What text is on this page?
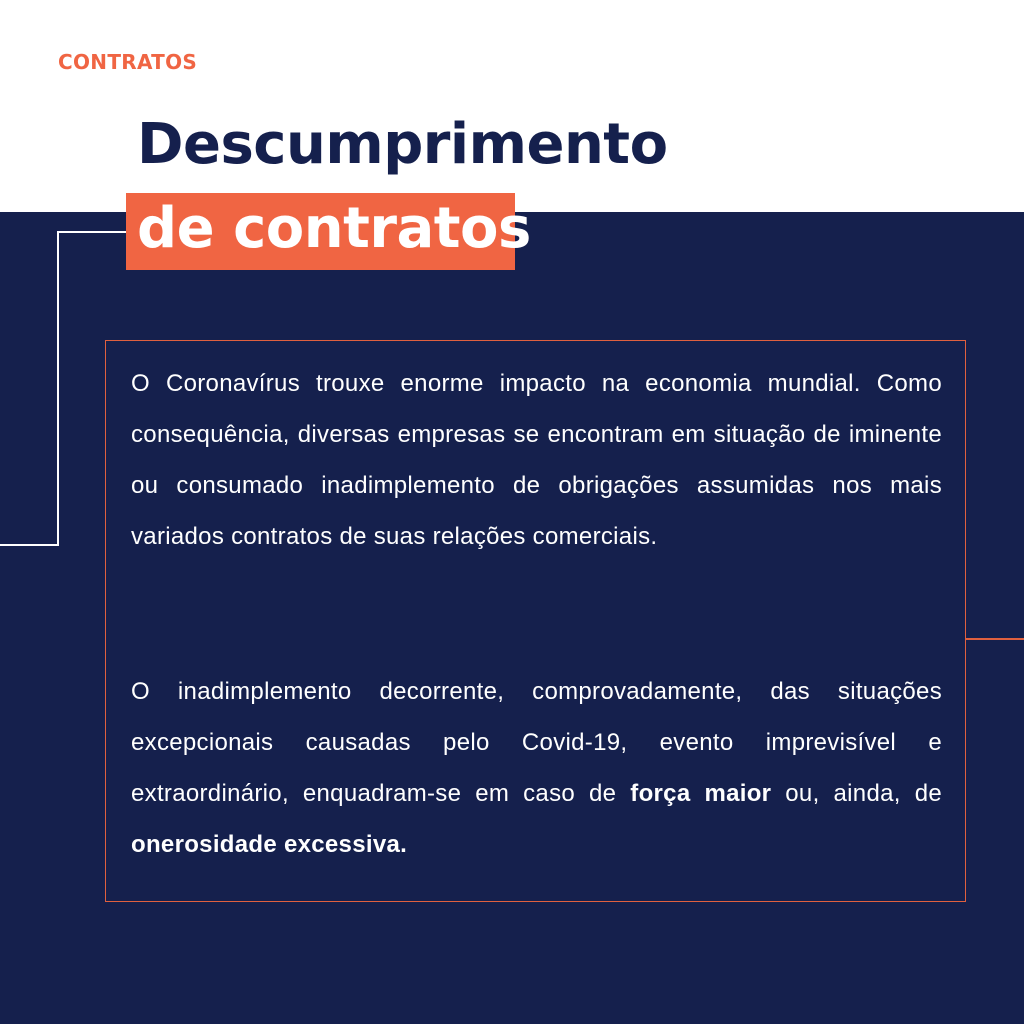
CONTRATOS
Descumprimento
de contratos

O Coronavírus trouxe enorme impacto na economia mundial. Como consequência, diversas empresas se encontram em situação de iminente ou consumado inadimplemento de obrigações assumidas nos mais variados contratos de suas relações comerciais.

O inadimplemento decorrente, comprovadamente, das situações excepcionais causadas pelo Covid-19, evento imprevisível e extraordinário, enquadram-se em caso de força maior ou, ainda, de onerosidade excessiva.
